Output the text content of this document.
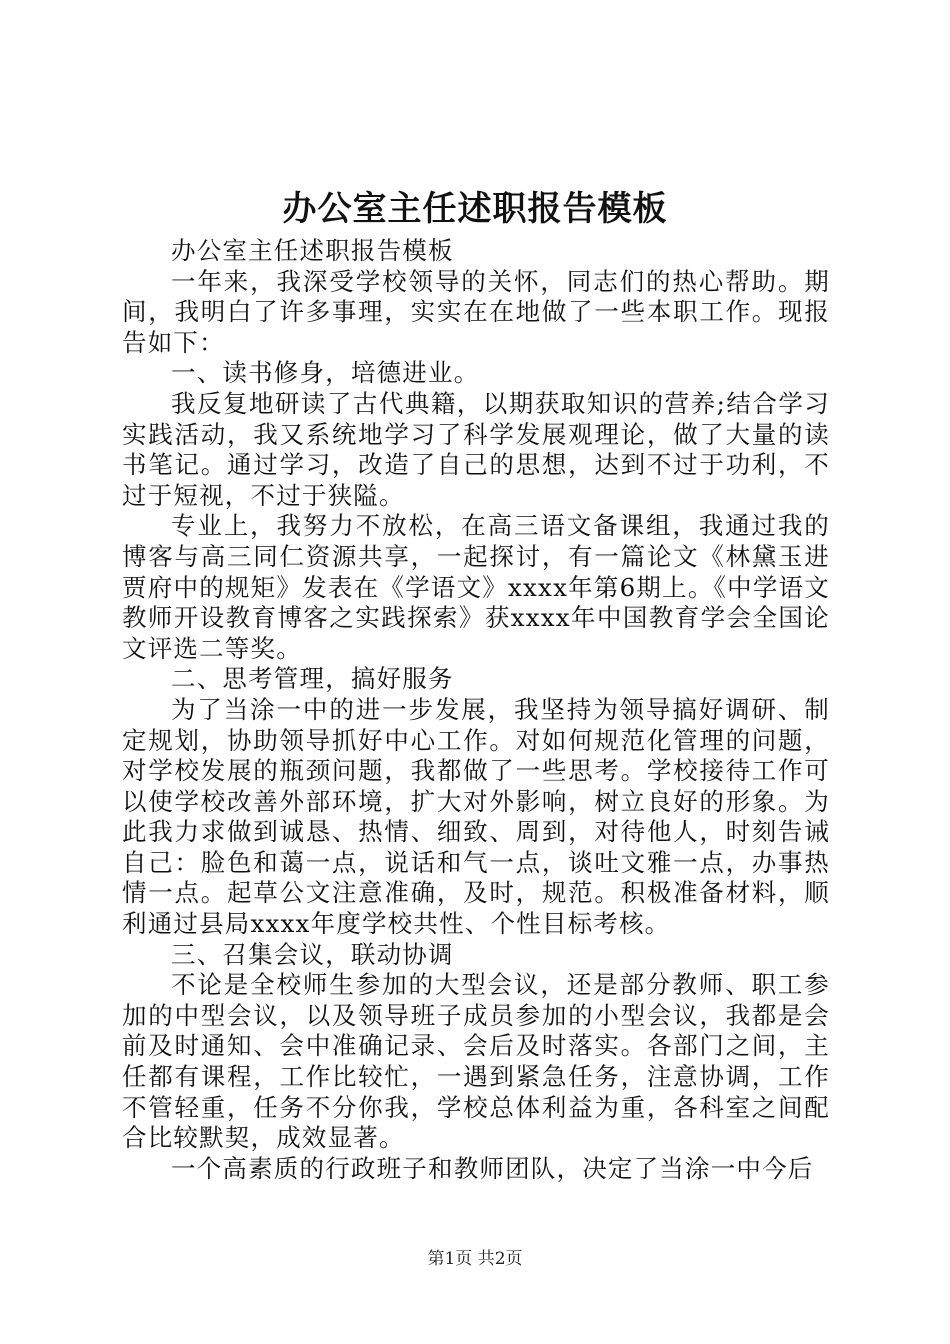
办公室主任述职报告模板

办公室主任述职报告模板

一年来，我深受学校领导的关怀，同志们的热心帮助。期间，我明白了许多事理，实实在在地做了一些本职工作。现报告如下：

一、读书修身，培德进业。

我反复地研读了古代典籍，以期获取知识的营养;结合学习实践活动，我又系统地学习了科学发展观理论，做了大量的读书笔记。通过学习，改造了自己的思想，达到不过于功利，不过于短视，不过于狭隘。

专业上，我努力不放松，在高三语文备课组，我通过我的博客与高三同仁资源共享，一起探讨，有一篇论文《林黛玉进贾府中的规矩》发表在《学语文》xxxx年第6期上。《中学语文教师开设教育博客之实践探索》获xxxx年中国教育学会全国论文评选二等奖。

二、思考管理，搞好服务

为了当涂一中的进一步发展，我坚持为领导搞好调研、制定规划，协助领导抓好中心工作。对如何规范化管理的问题，对学校发展的瓶颈问题，我都做了一些思考。学校接待工作可以使学校改善外部环境，扩大对外影响，树立良好的形象。为此我力求做到诚恳、热情、细致、周到，对待他人，时刻告诫自己：脸色和蔼一点，说话和气一点，谈吐文雅一点，办事热情一点。起草公文注意准确，及时，规范。积极准备材料，顺利通过县局xxxx年度学校共性、个性目标考核。

三、召集会议，联动协调

不论是全校师生参加的大型会议，还是部分教师、职工参加的中型会议，以及领导班子成员参加的小型会议，我都是会前及时通知、会中准确记录、会后及时落实。各部门之间，主任都有课程，工作比较忙，一遇到紧急任务，注意协调，工作不管轻重，任务不分你我，学校总体利益为重，各科室之间配合比较默契，成效显著。

一个高素质的行政班子和教师团队，决定了当涂一中今后

第1页 共2页
